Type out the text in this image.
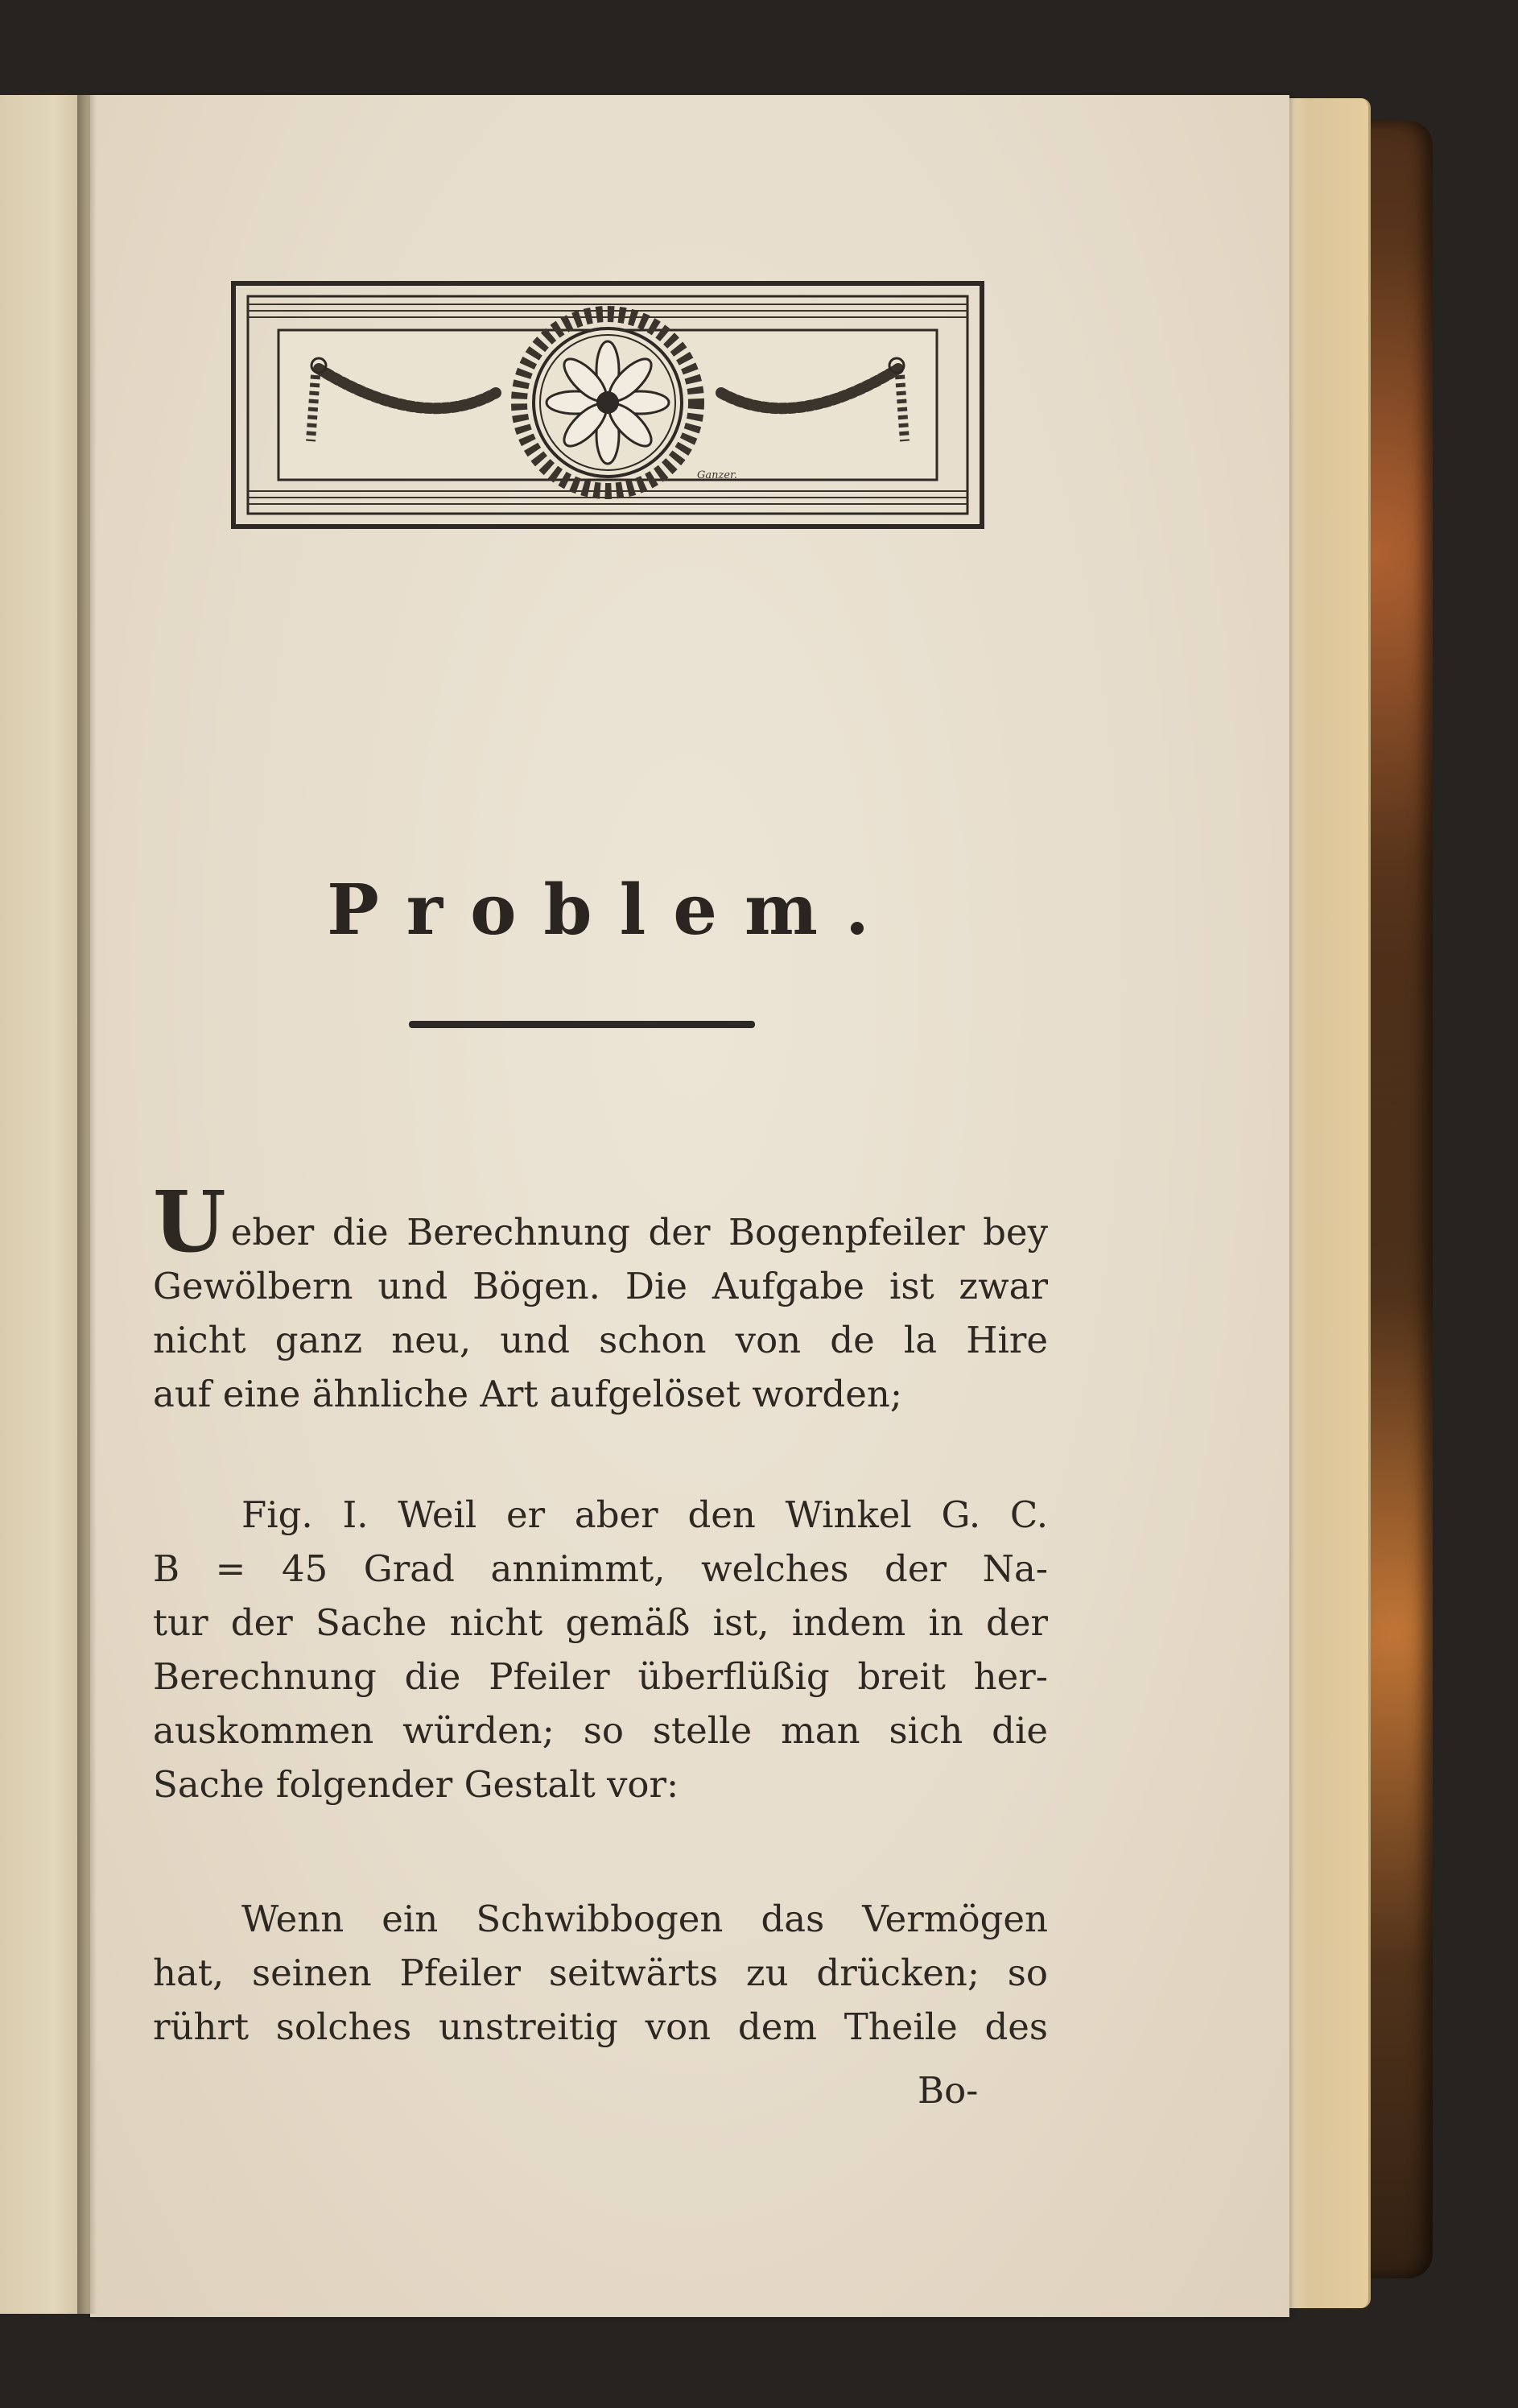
Ganzer.
Problem.
Ueber die Berechnung der Bogenpfeiler bey
Gewölbern und Bögen. Die Aufgabe ist zwar
nicht ganz neu, und schon von de la Hire
auf eine ähnliche Art aufgelöset worden;
Fig. I. Weil er aber den Winkel G. C.
B = 45 Grad annimmt, welches der Na-
tur der Sache nicht gemäß ist, indem in der
Berechnung die Pfeiler überflüßig breit her-
auskommen würden; so stelle man sich die
Sache folgender Gestalt vor:
Wenn ein Schwibbogen das Vermögen
hat, seinen Pfeiler seitwärts zu drücken; so
rührt solches unstreitig von dem Theile des
Bo-
